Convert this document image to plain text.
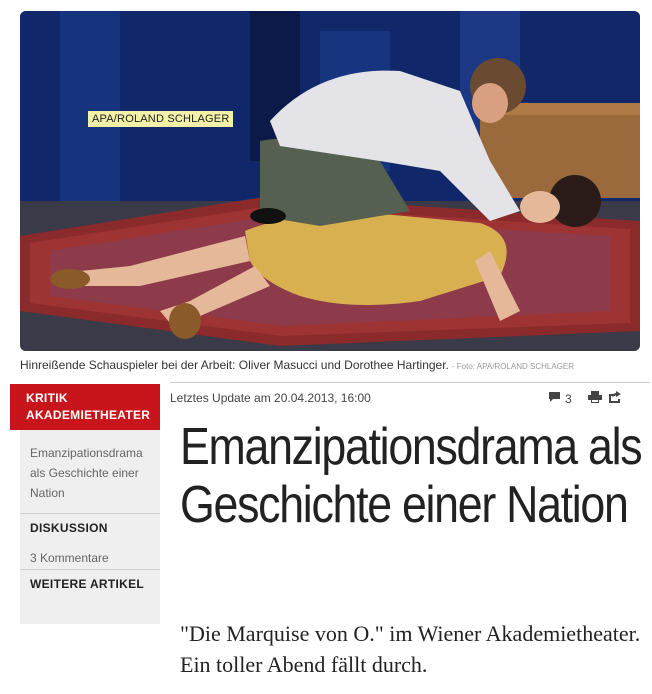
APA/ROLAND SCHLAGER
Hinreißende Schauspieler bei der Arbeit: Oliver Masucci und Dorothee Hartinger. - Foto: APA/ROLAND SCHLAGER
KRITIK
AKADEMIETHEATER
Emanzipationsdrama als Geschichte einer Nation
DISKUSSION
3 Kommentare
WEITERE ARTIKEL
Letztes Update am 20.04.2013, 16:00	3
Emanzipationsdrama als Geschichte einer Nation
"Die Marquise von O." im Wiener Akademietheater. Ein toller Abend fällt durch.
